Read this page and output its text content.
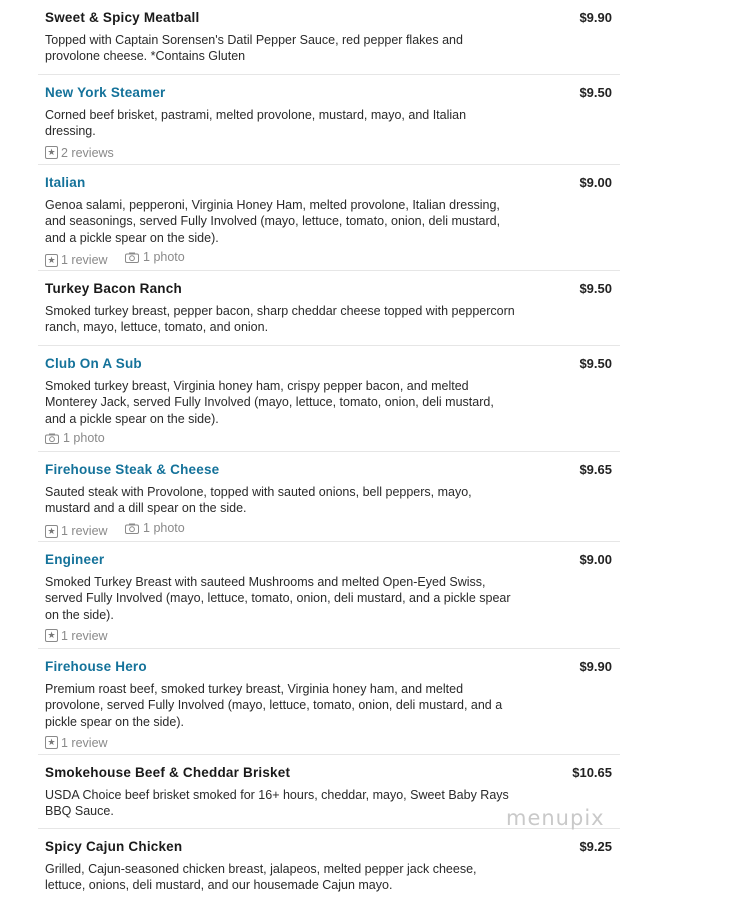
Sweet & Spicy Meatball	$9.90
Topped with Captain Sorensen's Datil Pepper Sauce, red pepper flakes and provolone cheese. *Contains Gluten
New York Steamer	$9.50
Corned beef brisket, pastrami, melted provolone, mustard, mayo, and Italian dressing.
★ 2 reviews
Italian	$9.00
Genoa salami, pepperoni, Virginia Honey Ham, melted provolone, Italian dressing, and seasonings, served Fully Involved (mayo, lettuce, tomato, onion, deli mustard, and a pickle spear on the side).
★ 1 review
	1 photo
Turkey Bacon Ranch	$9.50
Smoked turkey breast, pepper bacon, sharp cheddar cheese topped with peppercorn ranch, mayo, lettuce, tomato, and onion.
Club On A Sub	$9.50
Smoked turkey breast, Virginia honey ham, crispy pepper bacon, and melted Monterey Jack, served Fully Involved (mayo, lettuce, tomato, onion, deli mustard, and a pickle spear on the side).
1 photo
Firehouse Steak & Cheese	$9.65
Sauted steak with Provolone, topped with sauted onions, bell peppers, mayo, mustard and a dill spear on the side.
★ 1 review
	1 photo
Engineer	$9.00
Smoked Turkey Breast with sauteed Mushrooms and melted Open-Eyed Swiss, served Fully Involved (mayo, lettuce, tomato, onion, deli mustard, and a pickle spear on the side).
★ 1 review
Firehouse Hero	$9.90
Premium roast beef, smoked turkey breast, Virginia honey ham, and melted provolone, served Fully Involved (mayo, lettuce, tomato, onion, deli mustard, and a pickle spear on the side).
★ 1 review
Smokehouse Beef & Cheddar Brisket	$10.65
USDA Choice beef brisket smoked for 16+ hours, cheddar, mayo, Sweet Baby Rays BBQ Sauce.
Spicy Cajun Chicken	$9.25
Grilled, Cajun-seasoned chicken breast, jalapeos, melted pepper jack cheese, lettuce, onions, deli mustard, and our housemade Cajun mayo.
menupix
